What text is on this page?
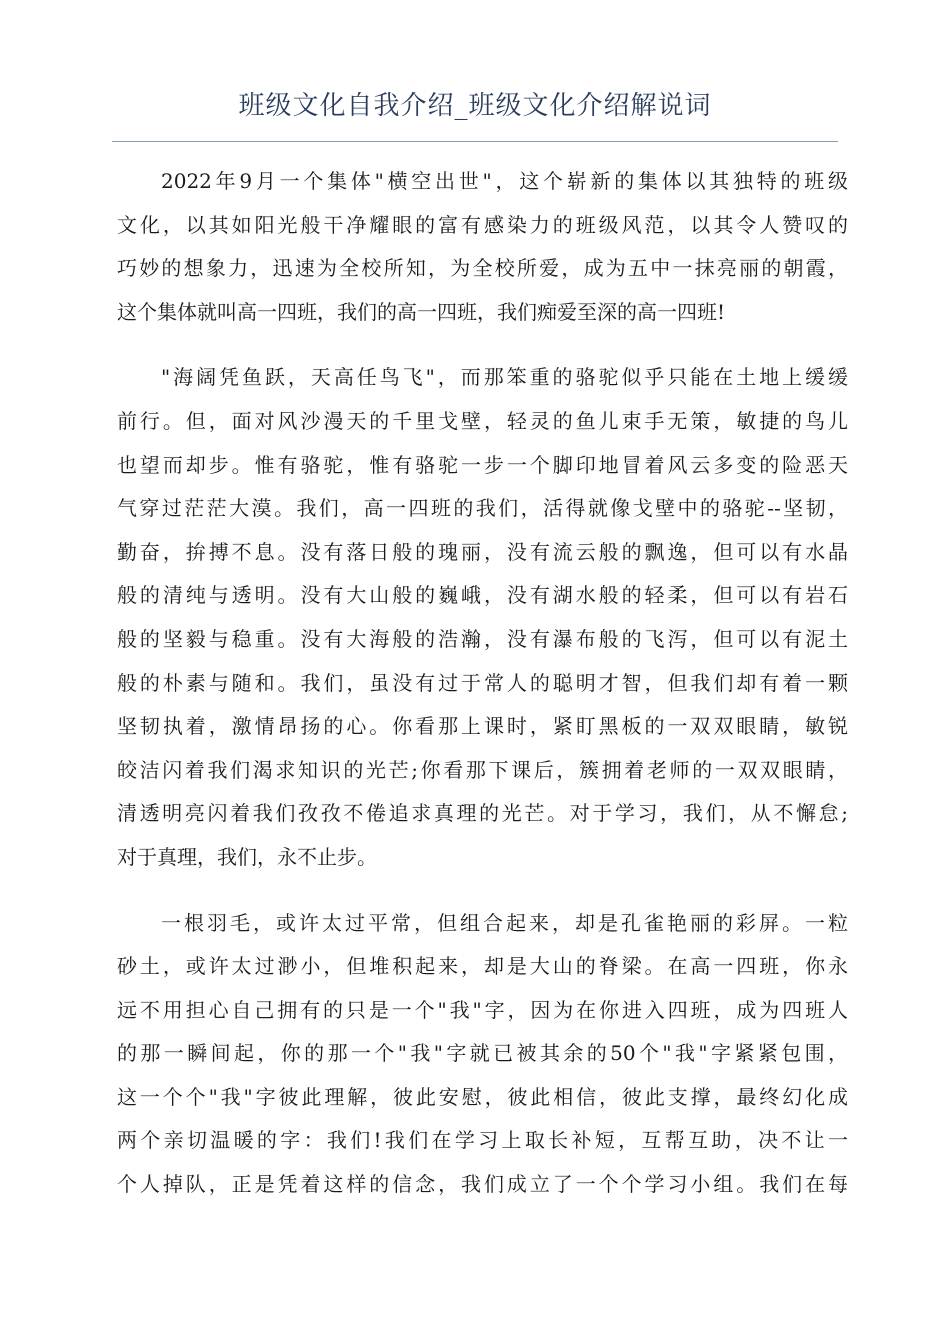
班级文化自我介绍_班级文化介绍解说词
2022年9月一个集体"横空出世"，这个崭新的集体以其独特的班级
文化，以其如阳光般干净耀眼的富有感染力的班级风范，以其令人赞叹的
巧妙的想象力，迅速为全校所知，为全校所爱，成为五中一抹亮丽的朝霞，
这个集体就叫高一四班，我们的高一四班，我们痴爱至深的高一四班!
"海阔凭鱼跃，天高任鸟飞"，而那笨重的骆驼似乎只能在土地上缓缓
前行。但，面对风沙漫天的千里戈壁，轻灵的鱼儿束手无策，敏捷的鸟儿
也望而却步。惟有骆驼，惟有骆驼一步一个脚印地冒着风云多变的险恶天
气穿过茫茫大漠。我们，高一四班的我们，活得就像戈壁中的骆驼--坚韧，
勤奋，拚搏不息。没有落日般的瑰丽，没有流云般的飘逸，但可以有水晶
般的清纯与透明。没有大山般的巍峨，没有湖水般的轻柔，但可以有岩石
般的坚毅与稳重。没有大海般的浩瀚，没有瀑布般的飞泻，但可以有泥土
般的朴素与随和。我们，虽没有过于常人的聪明才智，但我们却有着一颗
坚韧执着，激情昂扬的心。你看那上课时，紧盯黑板的一双双眼睛，敏锐
皎洁闪着我们渴求知识的光芒;你看那下课后，簇拥着老师的一双双眼睛，
清透明亮闪着我们孜孜不倦追求真理的光芒。对于学习，我们，从不懈怠;
对于真理，我们，永不止步。
一根羽毛，或许太过平常，但组合起来，却是孔雀艳丽的彩屏。一粒
砂土，或许太过渺小，但堆积起来，却是大山的脊梁。在高一四班，你永
远不用担心自己拥有的只是一个"我"字，因为在你进入四班，成为四班人
的那一瞬间起，你的那一个"我"字就已被其余的50个"我"字紧紧包围，
这一个个"我"字彼此理解，彼此安慰，彼此相信，彼此支撑，最终幻化成
两个亲切温暖的字：我们!我们在学习上取长补短，互帮互助，决不让一
个人掉队，正是凭着这样的信念，我们成立了一个个学习小组。我们在每
